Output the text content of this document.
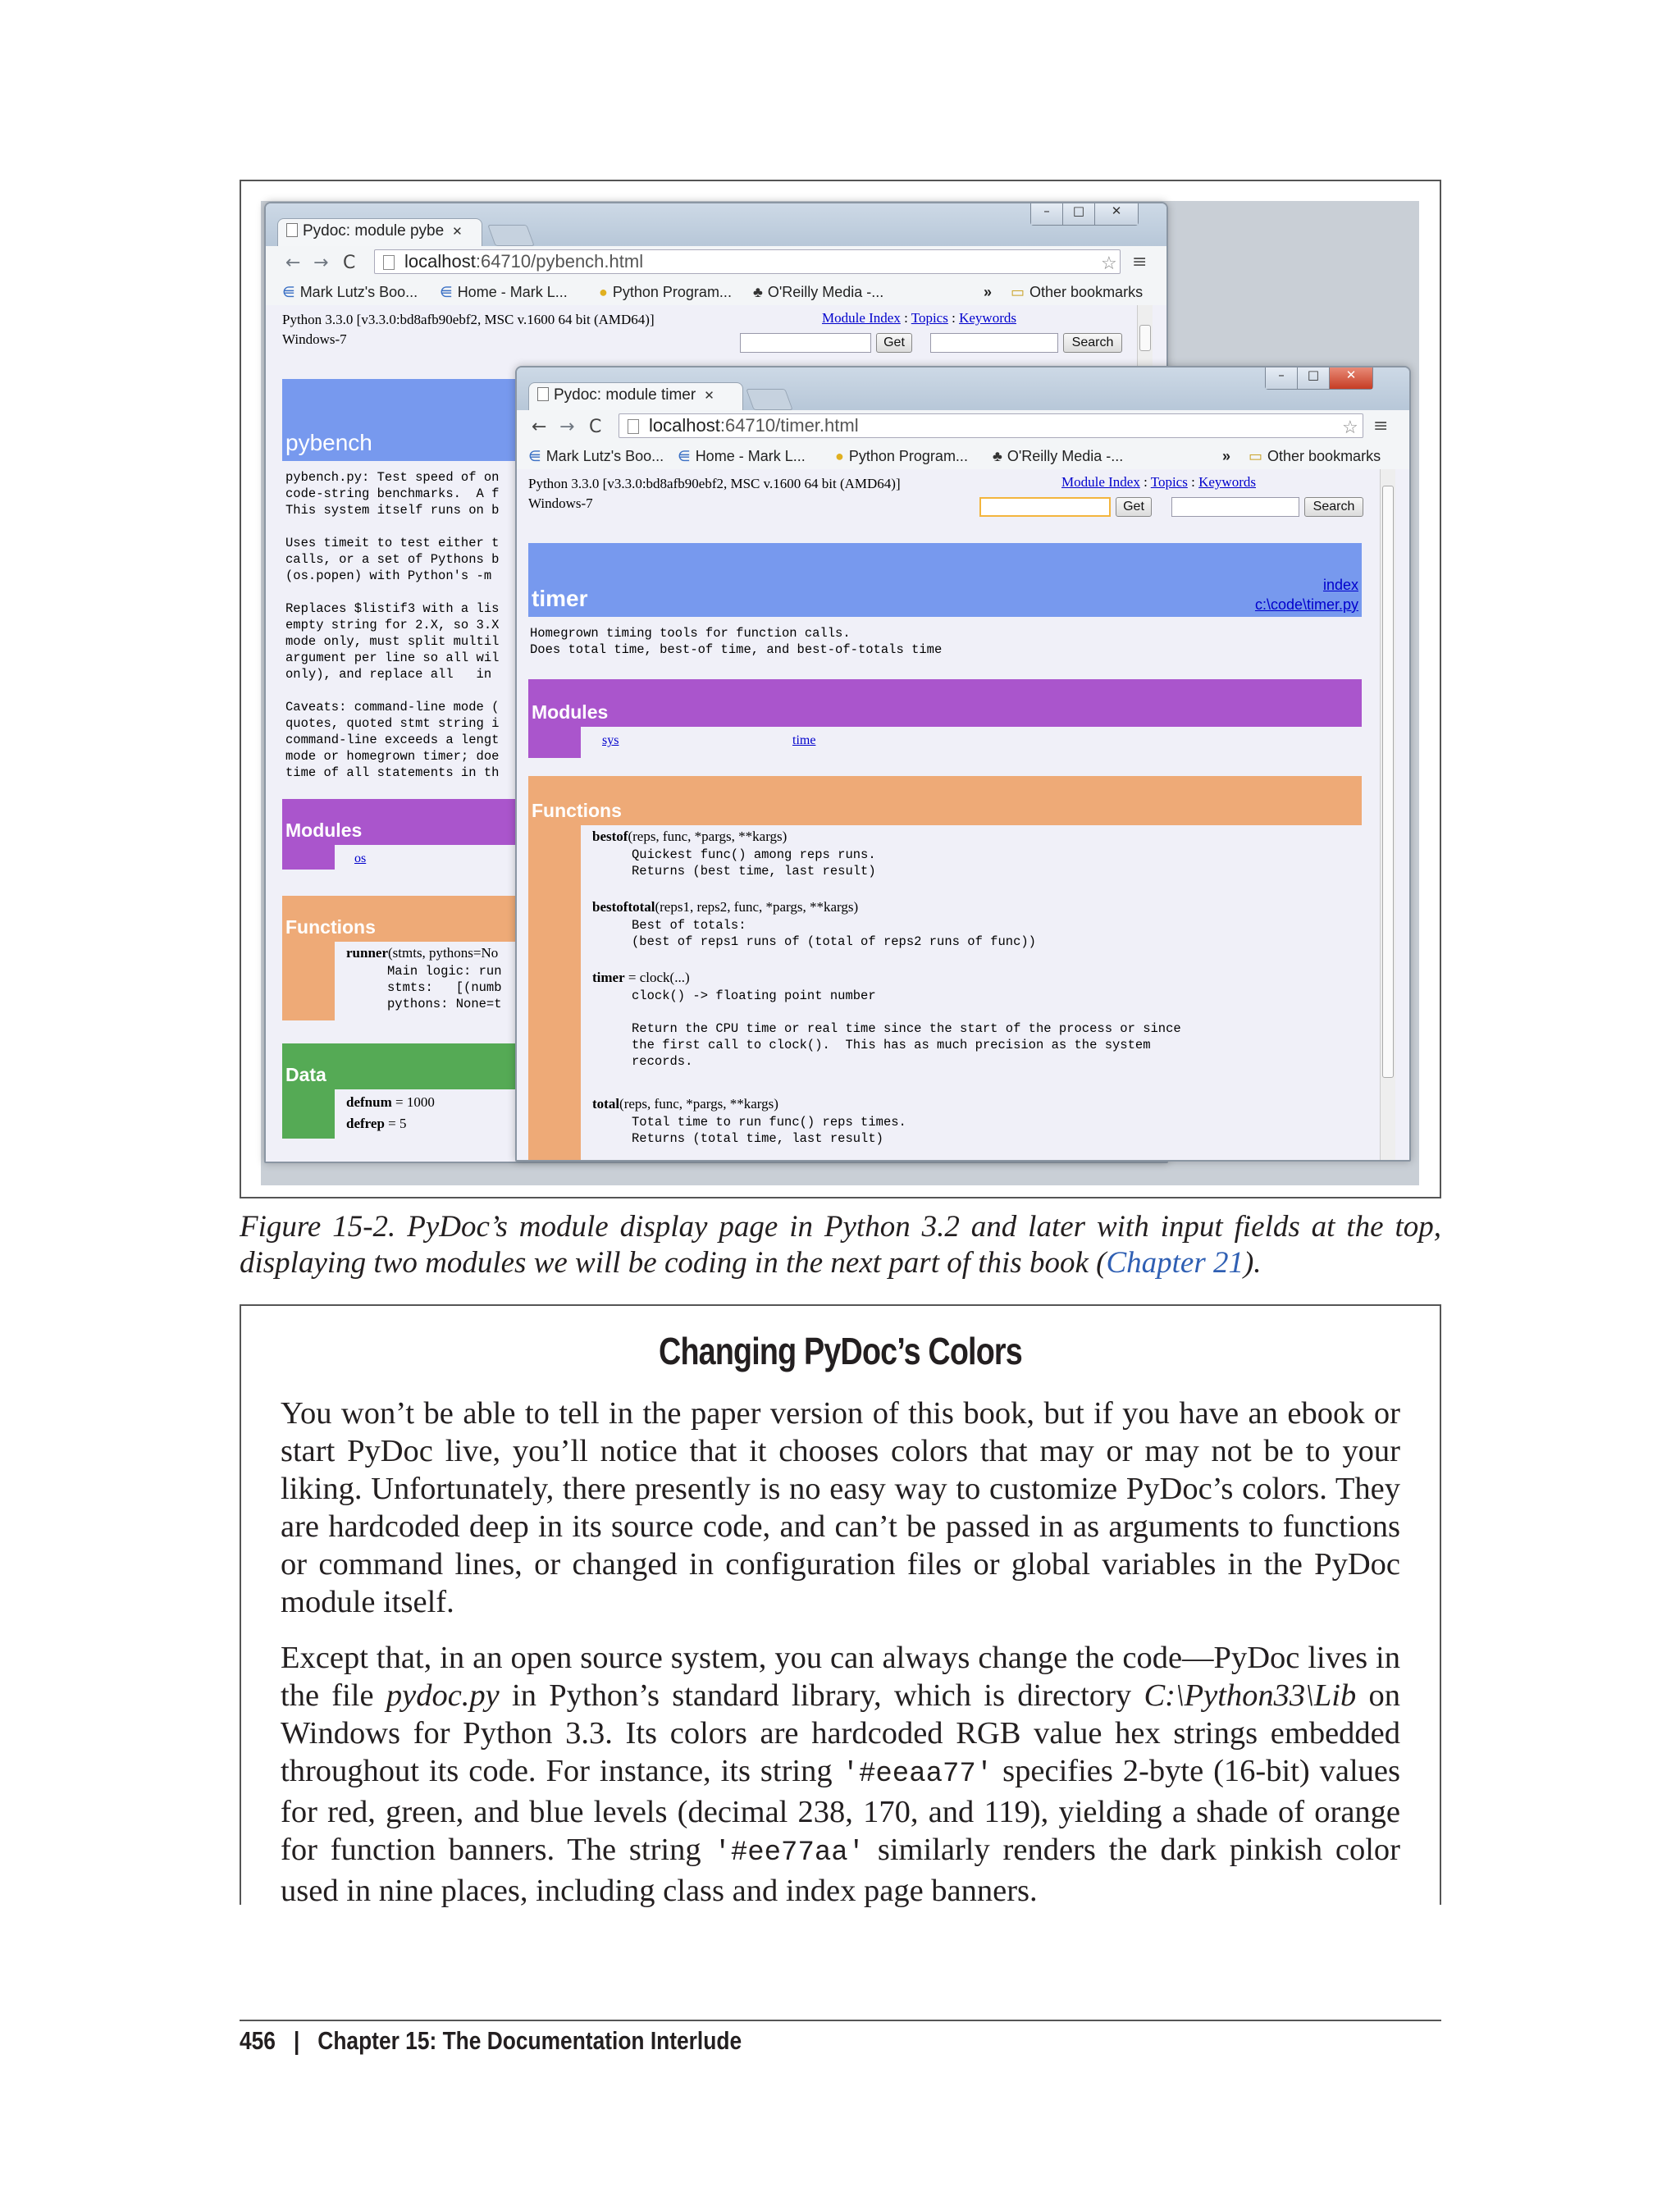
Pydoc: module pybe ✕
–	□	✕
← → C	localhost:64710/pybench.html	☆ ≡
⋹ Mark Lutz's Boo... ⋹ Home - Mark L... ● Python Program... ♣ O'Reilly Media -...	» ▭ Other bookmarks
Python 3.3.0 [v3.3.0:bd8afb90ebf2, MSC v.1600 64 bit (AMD64)]
Windows-7
Module Index : Topics : Keywords
Get	Search
pybench
pybench.py: Test speed of on
code-string benchmarks.  A f
This system itself runs on b

Uses timeit to test either t
calls, or a set of Pythons b
(os.popen) with Python's -m

Replaces $listif3 with a lis
empty string for 2.X, so 3.X
mode only, must split multil
argument per line so all wil
only), and replace all   in

Caveats: command-line mode (
quotes, quoted stmt string i
command-line exceeds a lengt
mode or homegrown timer; doe
time of all statements in th
Modules
os
Functions
runner(stmts, pythons=No
Main logic: run
stmts:   [(numb
pythons: None=t
Data
defnum = 1000
defrep = 5
Pydoc: module timer ✕
–	□	✕
← → C	localhost:64710/timer.html	☆ ≡
⋹ Mark Lutz's Boo... ⋹ Home - Mark L... ● Python Program... ♣ O'Reilly Media -...	» ▭ Other bookmarks
Python 3.3.0 [v3.3.0:bd8afb90ebf2, MSC v.1600 64 bit (AMD64)]
Windows-7
Module Index : Topics : Keywords
Get	Search
timer
index
c:\code\timer.py
Homegrown timing tools for function calls.
Does total time, best-of time, and best-of-totals time
Modules
sys	time
Functions
bestof(reps, func, *pargs, **kargs)
Quickest func() among reps runs.
Returns (best time, last result)
bestoftotal(reps1, reps2, func, *pargs, **kargs)
Best of totals:
(best of reps1 runs of (total of reps2 runs of func))
timer = clock(...)
clock() -> floating point number

Return the CPU time or real time since the start of the process or since
the first call to clock().  This has as much precision as the system
records.
total(reps, func, *pargs, **kargs)
Total time to run func() reps times.
Returns (total time, last result)
Figure 15-2. PyDoc’s module display page in Python 3.2 and later with input fields at the top, displaying two modules we will be coding in the next part of this book (Chapter 21).
Changing PyDoc’s Colors
You won’t be able to tell in the paper version of this book, but if you have an ebook or start PyDoc live, you’ll notice that it chooses colors that may or may not be to your liking. Unfortunately, there presently is no easy way to customize PyDoc’s colors. They are hardcoded deep in its source code, and can’t be passed in as arguments to functions or command lines, or changed in configuration files or global variables in the PyDoc module itself.
Except that, in an open source system, you can always change the code—PyDoc lives in the file pydoc.py in Python’s standard library, which is directory C:\Python33\Lib on Windows for Python 3.3. Its colors are hardcoded RGB value hex strings embedded throughout its code. For instance, its string '#eeaa77' specifies 2-byte (16-bit) values for red, green, and blue levels (decimal 238, 170, and 119), yielding a shade of orange for function banners. The string '#ee77aa' similarly renders the dark pinkish color used in nine places, including class and index page banners.
456 | Chapter 15: The Documentation Interlude
